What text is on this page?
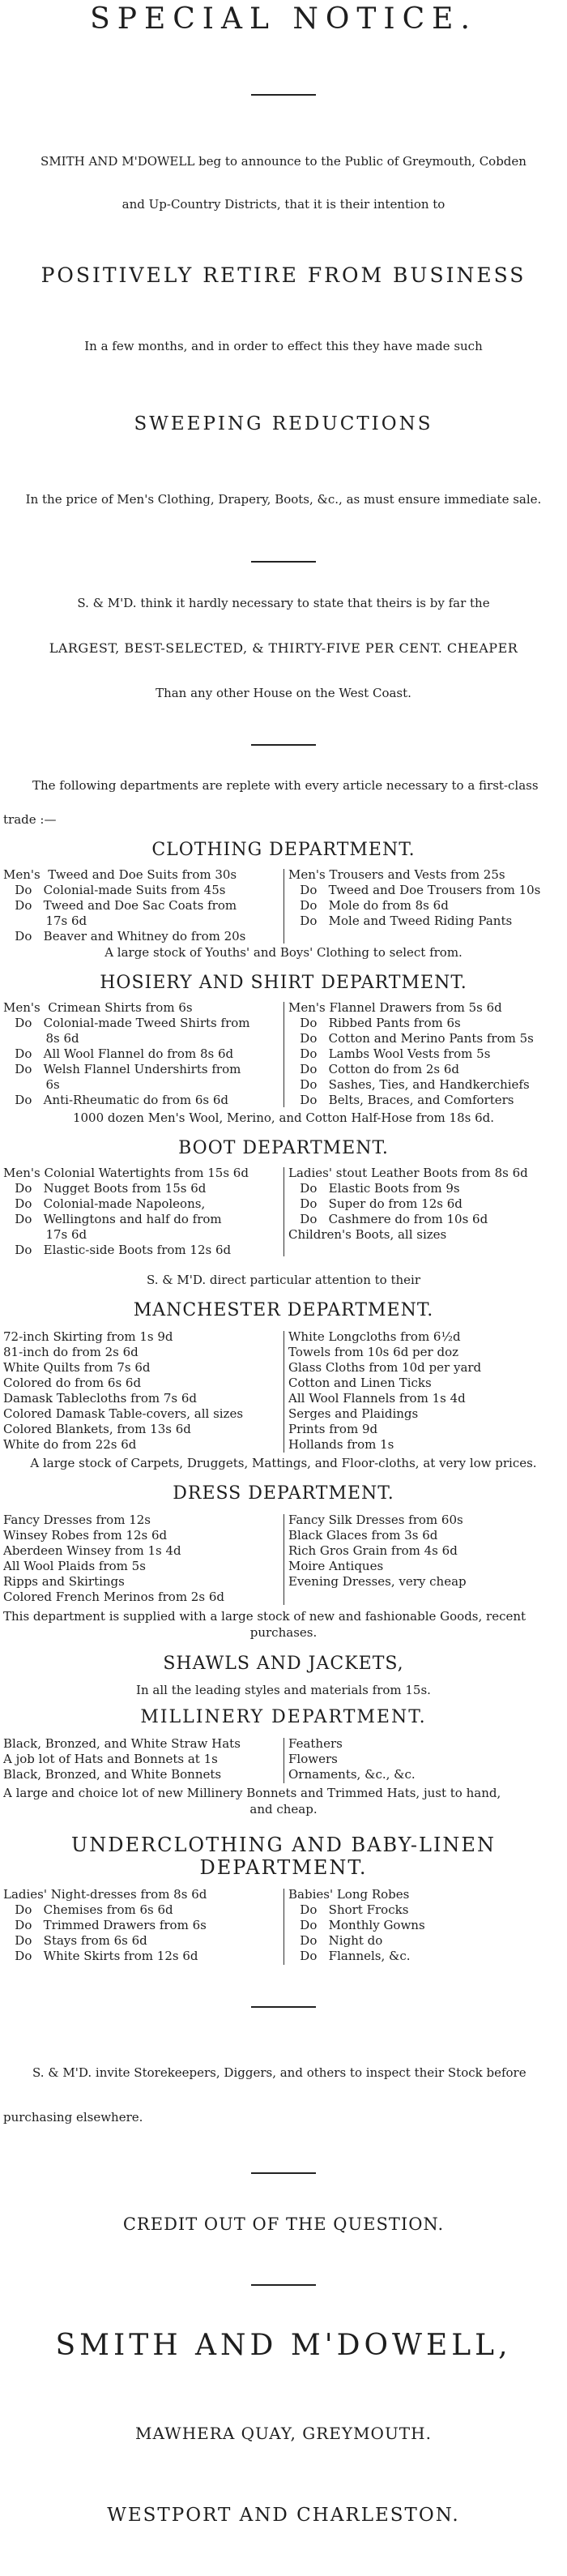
SPECIAL NOTICE.
SMITH AND M'DOWELL beg to announce to the Public of Greymouth, Cobden
and Up-Country Districts, that it is their intention to
POSITIVELY RETIRE FROM BUSINESS
In a few months, and in order to effect this they have made such
SWEEPING REDUCTIONS
In the price of Men's Clothing, Drapery, Boots, &c., as must ensure immediate sale.
S. & M'D. think it hardly necessary to state that theirs is by far the
LARGEST, BEST-SELECTED, & THIRTY-FIVE PER CENT. CHEAPER
Than any other House on the West Coast.
The following departments are replete with every article necessary to a first-class
trade :—
CLOTHING DEPARTMENT.
Men's  Tweed and Doe Suits from 30s
Do   Colonial-made Suits from 45s
Do   Tweed and Doe Sac Coats from
17s 6d
Do   Beaver and Whitney do from 20s
Men's Trousers and Vests from 25s
Do   Tweed and Doe Trousers from 10s
Do   Mole do from 8s 6d
Do   Mole and Tweed Riding Pants
A large stock of Youths' and Boys' Clothing to select from.
HOSIERY AND SHIRT DEPARTMENT.
Men's  Crimean Shirts from 6s
Do   Colonial-made Tweed Shirts from
8s 6d
Do   All Wool Flannel do from 8s 6d
Do   Welsh Flannel Undershirts from
6s
Do   Anti-Rheumatic do from 6s 6d
Men's Flannel Drawers from 5s 6d
Do   Ribbed Pants from 6s
Do   Cotton and Merino Pants from 5s
Do   Lambs Wool Vests from 5s
Do   Cotton do from 2s 6d
Do   Sashes, Ties, and Handkerchiefs
Do   Belts, Braces, and Comforters
1000 dozen Men's Wool, Merino, and Cotton Half-Hose from 18s 6d.
BOOT DEPARTMENT.
Men's Colonial Watertights from 15s 6d
Do   Nugget Boots from 15s 6d
Do   Colonial-made Napoleons,
Do   Wellingtons and half do from
17s 6d
Do   Elastic-side Boots from 12s 6d
Ladies' stout Leather Boots from 8s 6d
Do   Elastic Boots from 9s
Do   Super do from 12s 6d
Do   Cashmere do from 10s 6d
Children's Boots, all sizes
S. & M'D. direct particular attention to their
MANCHESTER DEPARTMENT.
72-inch Skirting from 1s 9d
81-inch do from 2s 6d
White Quilts from 7s 6d
Colored do from 6s 6d
Damask Tablecloths from 7s 6d
Colored Damask Table-covers, all sizes
Colored Blankets, from 13s 6d
White do from 22s 6d
White Longcloths from 6½d
Towels from 10s 6d per doz
Glass Cloths from 10d per yard
Cotton and Linen Ticks
All Wool Flannels from 1s 4d
Serges and Plaidings
Prints from 9d
Hollands from 1s
A large stock of Carpets, Druggets, Mattings, and Floor-cloths, at very low prices.
DRESS DEPARTMENT.
Fancy Dresses from 12s
Winsey Robes from 12s 6d
Aberdeen Winsey from 1s 4d
All Wool Plaids from 5s
Ripps and Skirtings
Colored French Merinos from 2s 6d
Fancy Silk Dresses from 60s
Black Glaces from 3s 6d
Rich Gros Grain from 4s 6d
Moire Antiques
Evening Dresses, very cheap
This department is supplied with a large stock of new and fashionable Goods, recent
purchases.
SHAWLS AND JACKETS,
In all the leading styles and materials from 15s.
MILLINERY DEPARTMENT.
Black, Bronzed, and White Straw Hats
A job lot of Hats and Bonnets at 1s
Black, Bronzed, and White Bonnets
Feathers
Flowers
Ornaments, &c., &c.
A large and choice lot of new Millinery Bonnets and Trimmed Hats, just to hand,
and cheap.
UNDERCLOTHING AND BABY-LINEN
DEPARTMENT.
Ladies' Night-dresses from 8s 6d
Do   Chemises from 6s 6d
Do   Trimmed Drawers from 6s
Do   Stays from 6s 6d
Do   White Skirts from 12s 6d
Babies' Long Robes
Do   Short Frocks
Do   Monthly Gowns
Do   Night do
Do   Flannels, &c.
S. & M'D. invite Storekeepers, Diggers, and others to inspect their Stock before
purchasing elsewhere.
CREDIT OUT OF THE QUESTION.
SMITH AND M'DOWELL,
MAWHERA QUAY, GREYMOUTH.
WESTPORT AND CHARLESTON.
